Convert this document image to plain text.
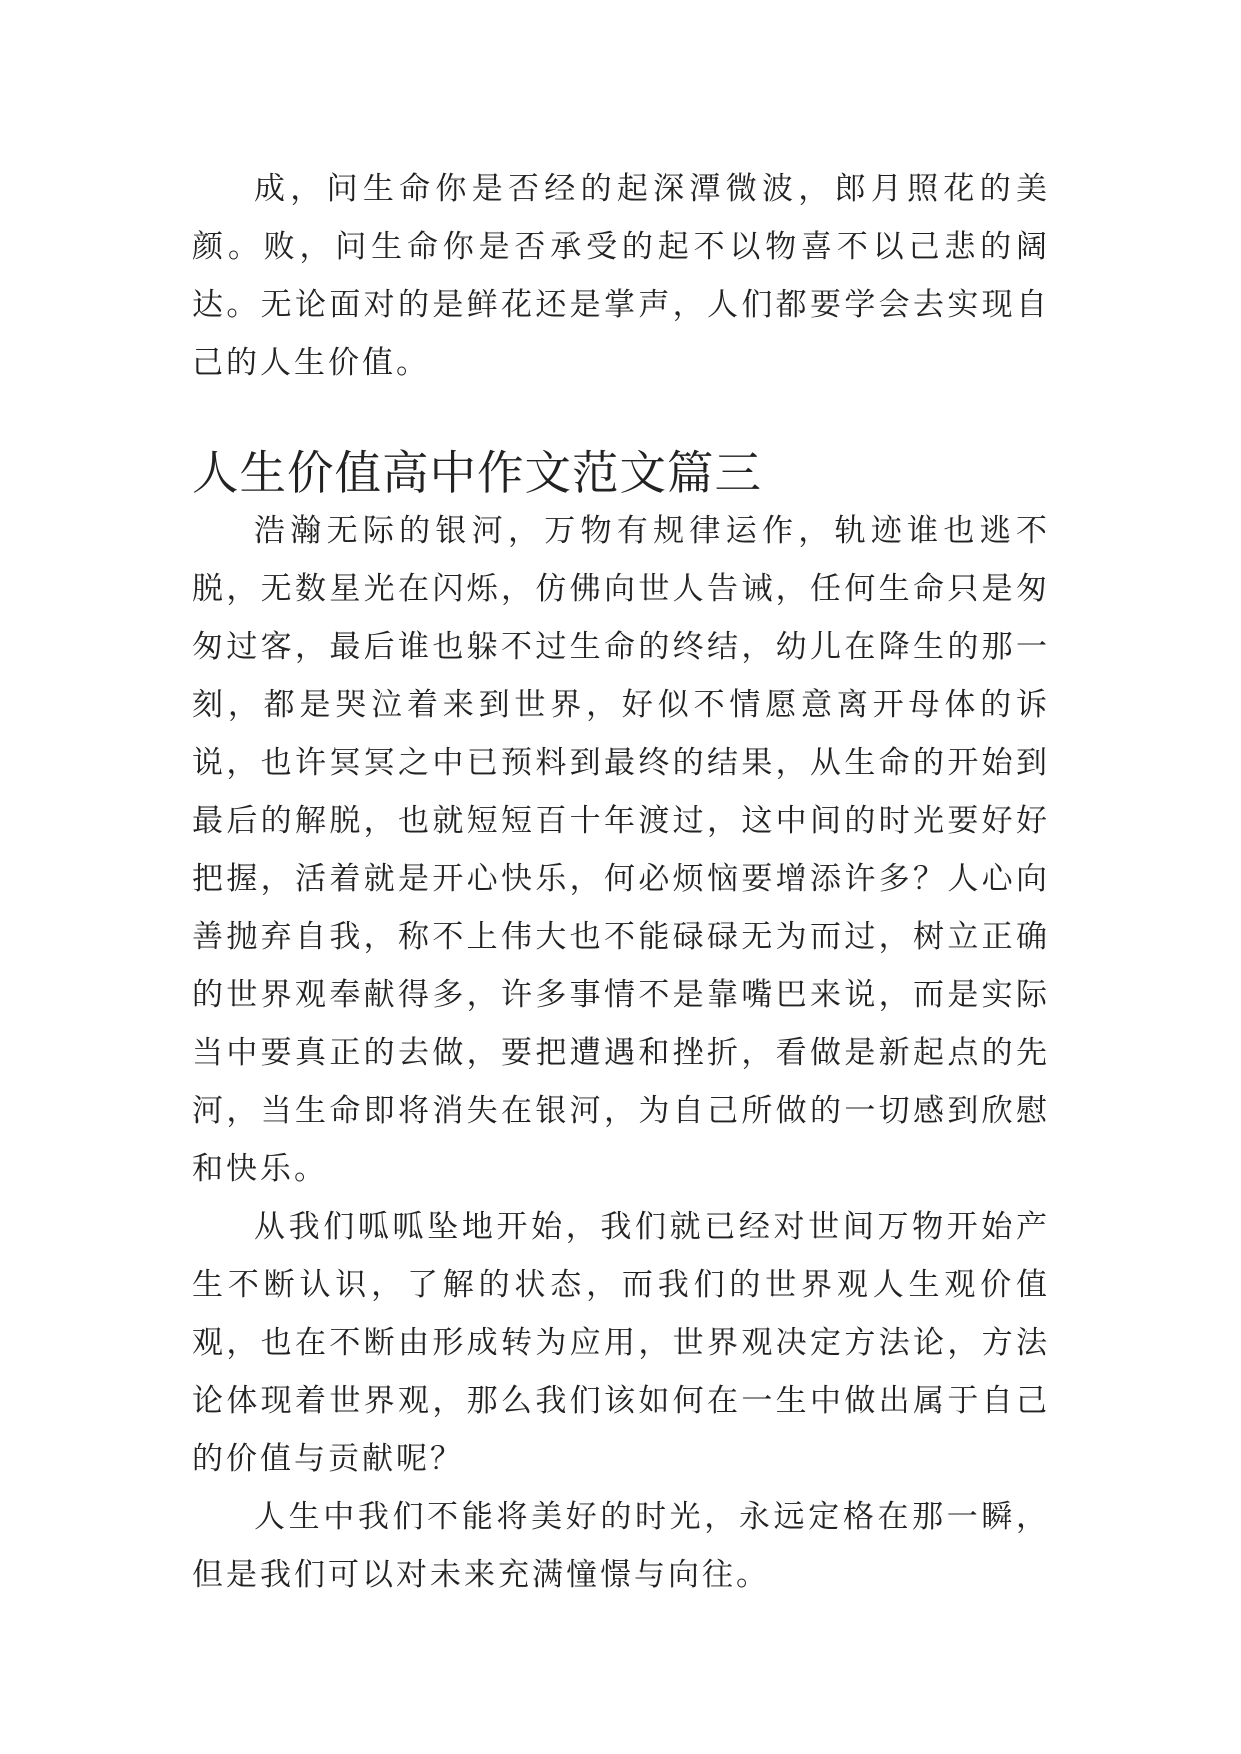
成，问生命你是否经的起深潭微波，郎月照花的美颜。败，问生命你是否承受的起不以物喜不以己悲的阔达。无论面对的是鲜花还是掌声，人们都要学会去实现自己的人生价值。

人生价值高中作文范文篇三

浩瀚无际的银河，万物有规律运作，轨迹谁也逃不脱，无数星光在闪烁，仿佛向世人告诫，任何生命只是匆匆过客，最后谁也躲不过生命的终结，幼儿在降生的那一刻，都是哭泣着来到世界，好似不情愿意离开母体的诉说，也许冥冥之中已预料到最终的结果，从生命的开始到最后的解脱，也就短短百十年渡过，这中间的时光要好好把握，活着就是开心快乐，何必烦恼要增添许多？人心向善抛弃自我，称不上伟大也不能碌碌无为而过，树立正确的世界观奉献得多，许多事情不是靠嘴巴来说，而是实际当中要真正的去做，要把遭遇和挫折，看做是新起点的先河，当生命即将消失在银河，为自己所做的一切感到欣慰和快乐。

从我们呱呱坠地开始，我们就已经对世间万物开始产生不断认识，了解的状态，而我们的世界观人生观价值观，也在不断由形成转为应用，世界观决定方法论，方法论体现着世界观，那么我们该如何在一生中做出属于自己的价值与贡献呢？

人生中我们不能将美好的时光，永远定格在那一瞬，但是我们可以对未来充满憧憬与向往。
